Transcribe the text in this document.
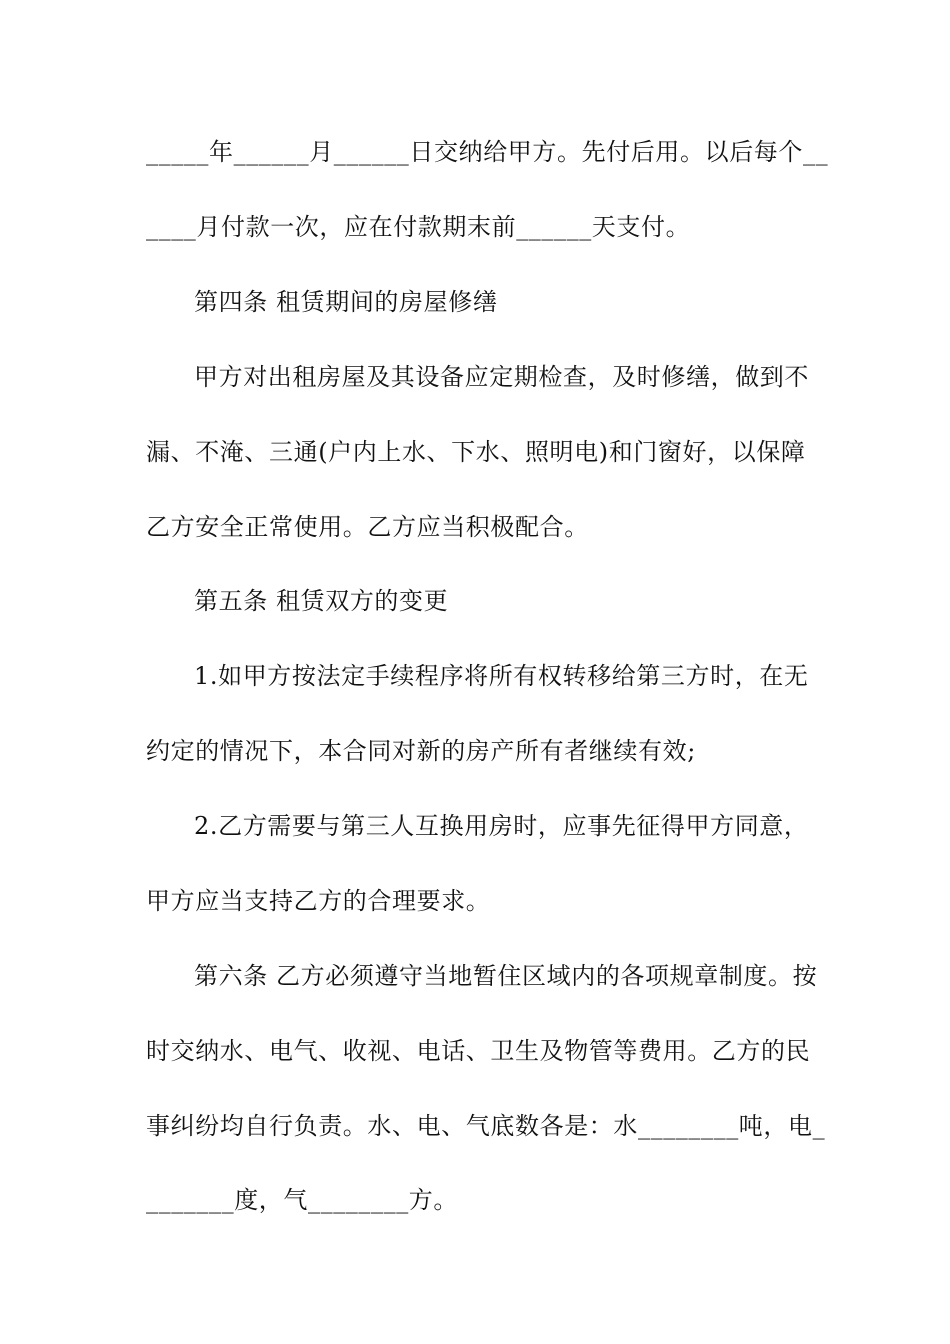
_____年______月______日交纳给甲方。先付后用。以后每个__
____月付款一次，应在付款期末前______天支付。
第四条 租赁期间的房屋修缮
甲方对出租房屋及其设备应定期检查，及时修缮，做到不
漏、不淹、三通(户内上水、下水、照明电)和门窗好，以保障
乙方安全正常使用。乙方应当积极配合。
第五条 租赁双方的变更
1.如甲方按法定手续程序将所有权转移给第三方时，在无
约定的情况下，本合同对新的房产所有者继续有效;
2.乙方需要与第三人互换用房时，应事先征得甲方同意，
甲方应当支持乙方的合理要求。
第六条 乙方必须遵守当地暂住区域内的各项规章制度。按
时交纳水、电气、收视、电话、卫生及物管等费用。乙方的民
事纠纷均自行负责。水、电、气底数各是：水________吨，电_
_______度，气________方。
